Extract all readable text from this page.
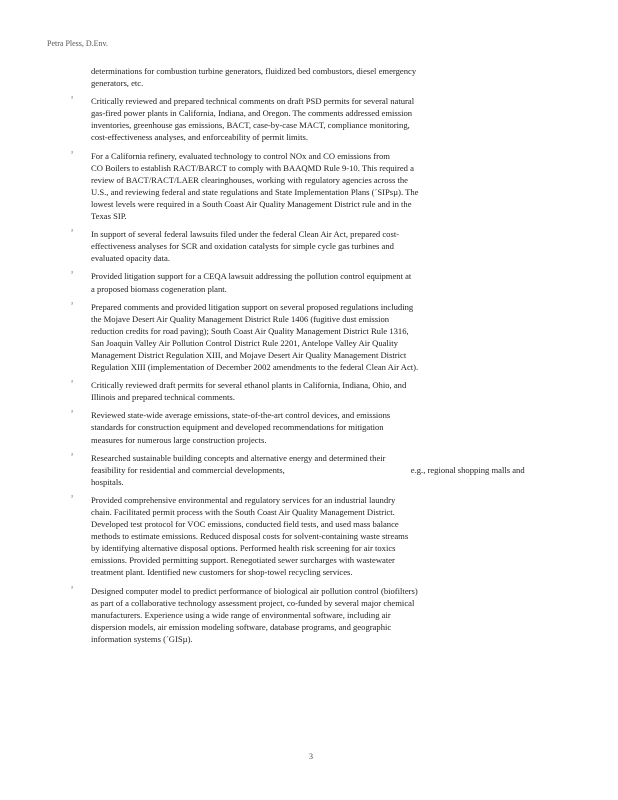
Petra Pless, D.Env.
determinations for combustion turbine generators, fluidized bed combustors, diesel emergency
generators, etc.
³ Critically reviewed and prepared technical comments on draft PSD permits for several natural
gas-fired power plants in California, Indiana, and Oregon. The comments addressed emission
inventories, greenhouse gas emissions, BACT, case-by-case MACT, compliance monitoring,
cost-effectiveness analyses, and enforceability of permit limits.
³ For a California refinery, evaluated technology to control NOx and CO emissions from
CO Boilers to establish RACT/BARCT to comply with BAAQMD Rule 9-10. This required a
review of BACT/RACT/LAER clearinghouses, working with regulatory agencies across the
U.S., and reviewing federal and state regulations and State Implementation Plans (´SIPsµ). The
lowest levels were required in a South Coast Air Quality Management District rule and in the
Texas SIP.
³ In support of several federal lawsuits filed under the federal Clean Air Act, prepared cost-
effectiveness analyses for SCR and oxidation catalysts for simple cycle gas turbines and
evaluated opacity data.
³ Provided litigation support for a CEQA lawsuit addressing the pollution control equipment at
a proposed biomass cogeneration plant.
³ Prepared comments and provided litigation support on several proposed regulations including
the Mojave Desert Air Quality Management District Rule 1406 (fugitive dust emission
reduction credits for road paving); South Coast Air Quality Management District Rule 1316,
San Joaquin Valley Air Pollution Control District Rule 2201, Antelope Valley Air Quality
Management District Regulation XIII, and Mojave Desert Air Quality Management District
Regulation XIII (implementation of December 2002 amendments to the federal Clean Air Act).
³ Critically reviewed draft permits for several ethanol plants in California, Indiana, Ohio, and
Illinois and prepared technical comments.
³ Reviewed state-wide average emissions, state-of-the-art control devices, and emissions
standards for construction equipment and developed recommendations for mitigation
measures for numerous large construction projects.
³ Researched sustainable building concepts and alternative energy and determined their
feasibility for residential and commercial developments,	e.g., regional shopping malls and
hospitals.
³ Provided comprehensive environmental and regulatory services for an industrial laundry
chain. Facilitated permit process with the South Coast Air Quality Management District.
Developed test protocol for VOC emissions, conducted field tests, and used mass balance
methods to estimate emissions. Reduced disposal costs for solvent-containing waste streams
by identifying alternative disposal options. Performed health risk screening for air toxics
emissions. Provided permitting support. Renegotiated sewer surcharges with wastewater
treatment plant. Identified new customers for shop-towel recycling services.
³ Designed computer model to predict performance of biological air pollution control (biofilters)
as part of a collaborative technology assessment project, co-funded by several major chemical
manufacturers. Experience using a wide range of environmental software, including air
dispersion models, air emission modeling software, database programs, and geographic
information systems (´GISµ).
3
